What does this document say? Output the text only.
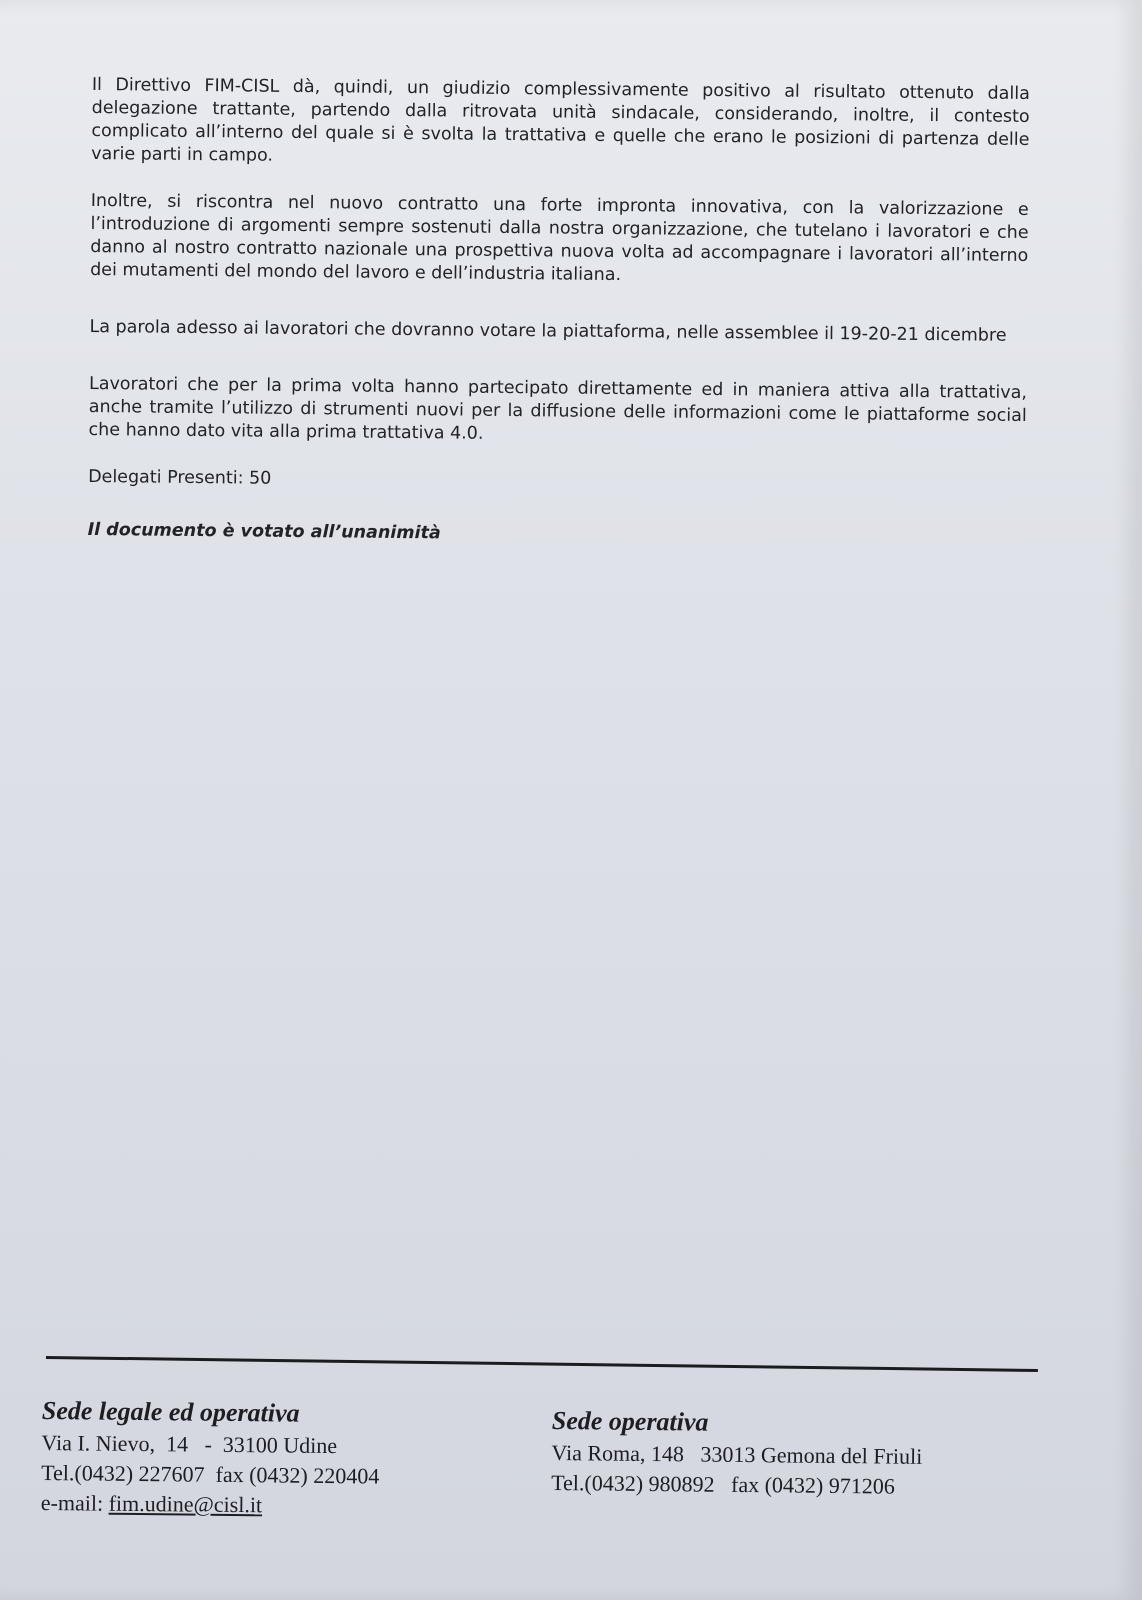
Il Direttivo FIM-CISL dà, quindi, un giudizio complessivamente positivo al risultato ottenuto dalla delegazione trattante, partendo dalla ritrovata unità sindacale, considerando, inoltre, il contesto complicato all’interno del quale si è svolta la trattativa e quelle che erano le posizioni di partenza delle varie parti in campo.

Inoltre, si riscontra nel nuovo contratto una forte impronta innovativa, con la valorizzazione e l’introduzione di argomenti sempre sostenuti dalla nostra organizzazione, che tutelano i lavoratori e che danno al nostro contratto nazionale una prospettiva nuova volta ad accompagnare i lavoratori all’interno dei mutamenti del mondo del lavoro e dell’industria italiana.

La parola adesso ai lavoratori che dovranno votare la piattaforma, nelle assemblee il 19-20-21 dicembre

Lavoratori che per la prima volta hanno partecipato direttamente ed in maniera attiva alla trattativa, anche tramite l’utilizzo di strumenti nuovi per la diffusione delle informazioni come le piattaforme social che hanno dato vita alla prima trattativa 4.0.

Delegati Presenti: 50

Il documento è votato all’unanimità

Sede legale ed operativa
Via I. Nievo,  14   -  33100 Udine
Tel.(0432) 227607  fax (0432) 220404
e-mail: fim.udine@cisl.it
Sede operativa
Via Roma, 148   33013 Gemona del Friuli
Tel.(0432) 980892   fax (0432) 971206
